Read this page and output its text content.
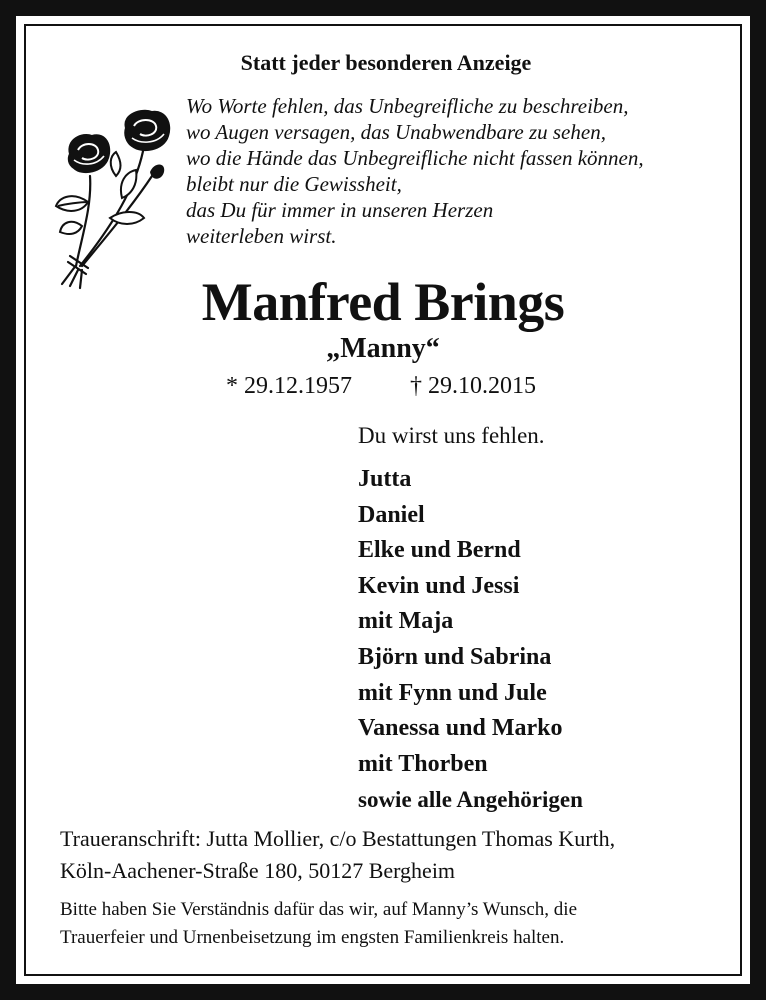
Statt jeder besonderen Anzeige
Wo Worte fehlen, das Unbegreifliche zu beschreiben,
wo Augen versagen, das Unabwendbare zu sehen,
wo die Hände das Unbegreifliche nicht fassen können,
bleibt nur die Gewissheit,
das Du für immer in unseren Herzen
weiterleben wirst.
Manfred Brings
„Manny“
* 29.12.1957 † 29.10.2015
Du wirst uns fehlen.
Jutta
Daniel
Elke und Bernd
Kevin und Jessi
mit Maja
Björn und Sabrina
mit Fynn und Jule
Vanessa und Marko
mit Thorben
sowie alle Angehörigen
Traueranschrift: Jutta Mollier, c/o Bestattungen Thomas Kurth,
Köln-Aachener-Straße 180, 50127 Bergheim
Bitte haben Sie Verständnis dafür das wir, auf Manny’s Wunsch, die
Trauerfeier und Urnenbeisetzung im engsten Familienkreis halten.
